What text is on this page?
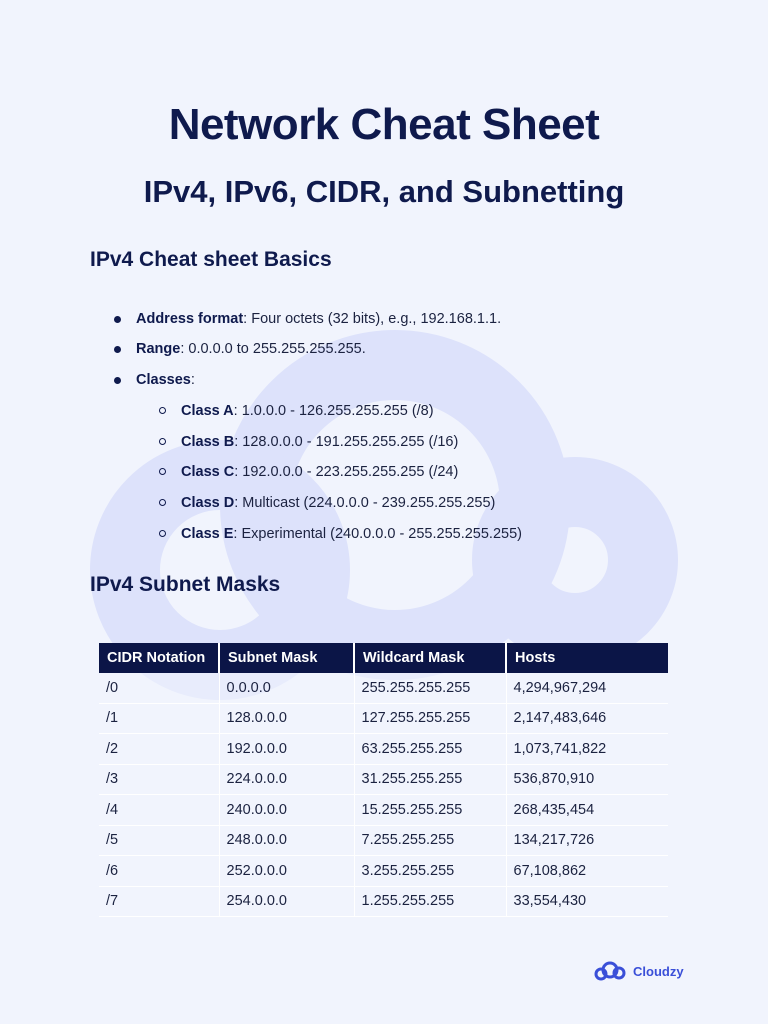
Network Cheat Sheet
IPv4, IPv6, CIDR, and Subnetting
IPv4 Cheat sheet Basics
Address format: Four octets (32 bits), e.g., 192.168.1.1.
Range: 0.0.0.0 to 255.255.255.255.
Classes:
Class A: 1.0.0.0 - 126.255.255.255 (/8)
Class B: 128.0.0.0 - 191.255.255.255 (/16)
Class C: 192.0.0.0 - 223.255.255.255 (/24)
Class D: Multicast (224.0.0.0 - 239.255.255.255)
Class E: Experimental (240.0.0.0 - 255.255.255.255)
IPv4 Subnet Masks
CIDR Notation	Subnet Mask	Wildcard Mask	Hosts
/0	0.0.0.0	255.255.255.255	4,294,967,294
/1	128.0.0.0	127.255.255.255	2,147,483,646
/2	192.0.0.0	63.255.255.255	1,073,741,822
/3	224.0.0.0	31.255.255.255	536,870,910
/4	240.0.0.0	15.255.255.255	268,435,454
/5	248.0.0.0	7.255.255.255	134,217,726
/6	252.0.0.0	3.255.255.255	67,108,862
/7	254.0.0.0	1.255.255.255	33,554,430
Cloudzy
